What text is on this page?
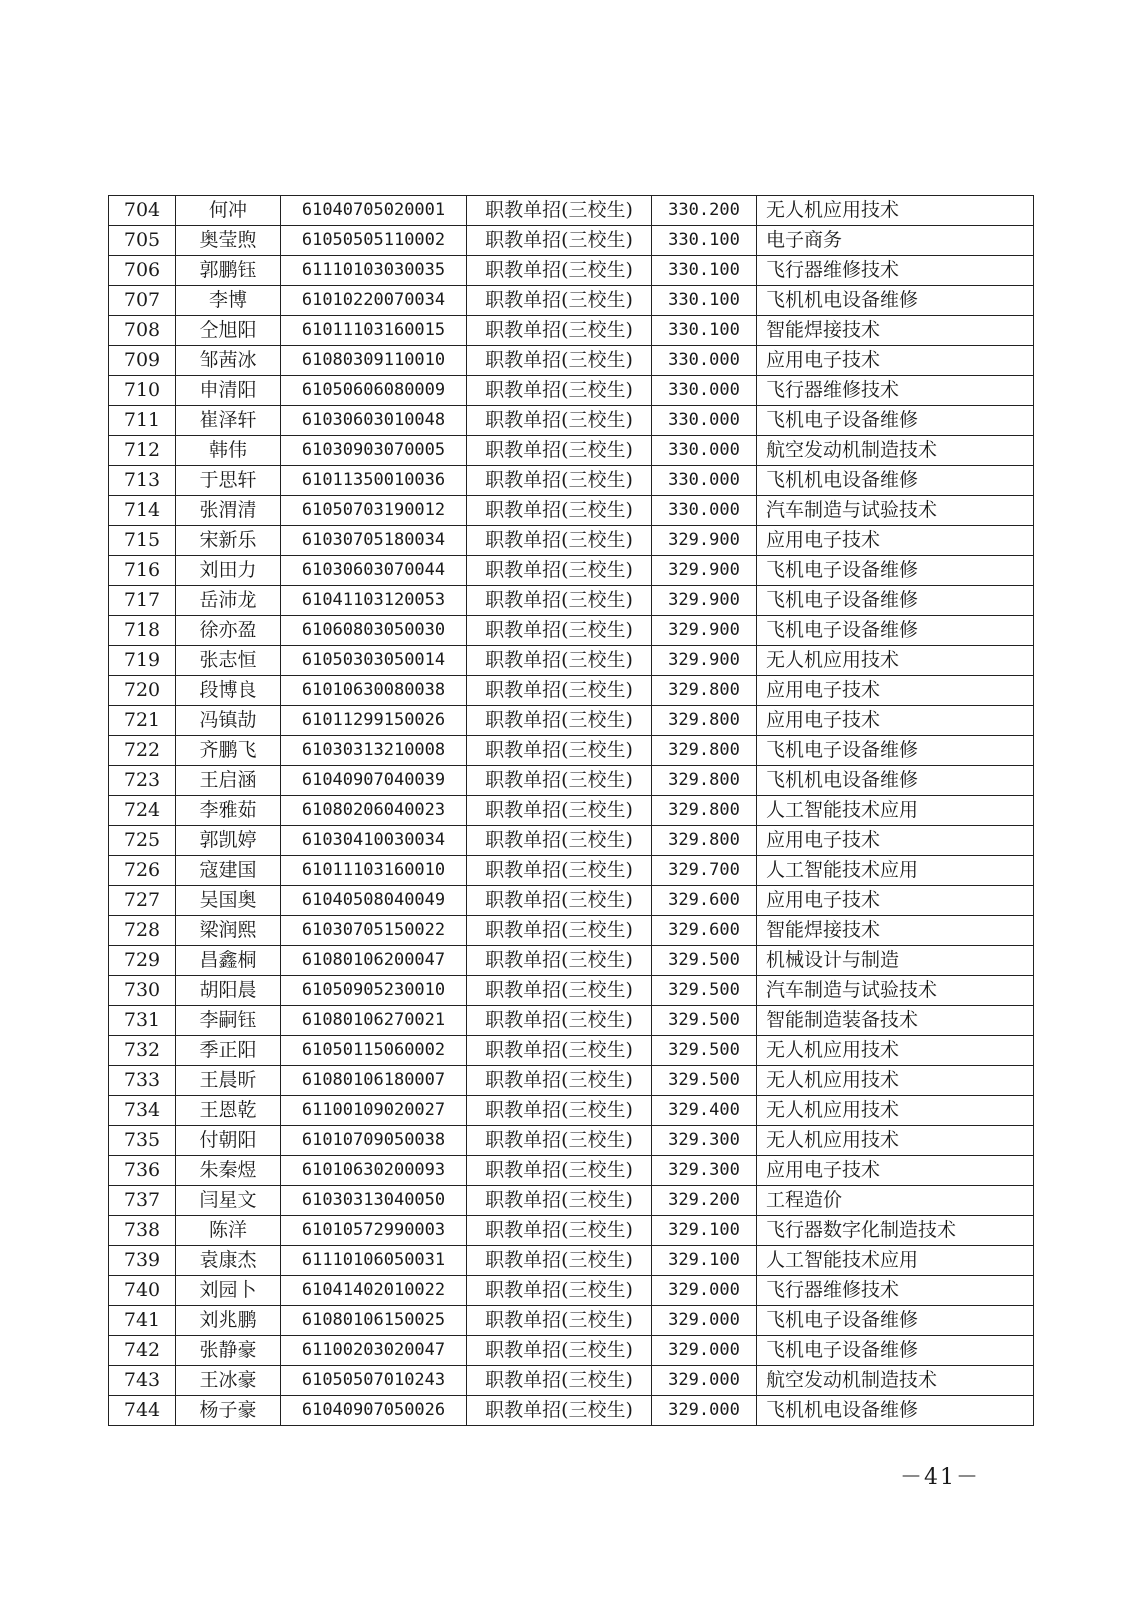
704	何冲	61040705020001	职教单招(三校生)	330.200	无人机应用技术
705	奥莹煦	61050505110002	职教单招(三校生)	330.100	电子商务
706	郭鹏钰	61110103030035	职教单招(三校生)	330.100	飞行器维修技术
707	李博	61010220070034	职教单招(三校生)	330.100	飞机机电设备维修
708	仝旭阳	61011103160015	职教单招(三校生)	330.100	智能焊接技术
709	邹茜冰	61080309110010	职教单招(三校生)	330.000	应用电子技术
710	申清阳	61050606080009	职教单招(三校生)	330.000	飞行器维修技术
711	崔泽轩	61030603010048	职教单招(三校生)	330.000	飞机电子设备维修
712	韩伟	61030903070005	职教单招(三校生)	330.000	航空发动机制造技术
713	于思轩	61011350010036	职教单招(三校生)	330.000	飞机机电设备维修
714	张渭清	61050703190012	职教单招(三校生)	330.000	汽车制造与试验技术
715	宋新乐	61030705180034	职教单招(三校生)	329.900	应用电子技术
716	刘田力	61030603070044	职教单招(三校生)	329.900	飞机电子设备维修
717	岳沛龙	61041103120053	职教单招(三校生)	329.900	飞机电子设备维修
718	徐亦盈	61060803050030	职教单招(三校生)	329.900	飞机电子设备维修
719	张志恒	61050303050014	职教单招(三校生)	329.900	无人机应用技术
720	段博良	61010630080038	职教单招(三校生)	329.800	应用电子技术
721	冯镇劼	61011299150026	职教单招(三校生)	329.800	应用电子技术
722	齐鹏飞	61030313210008	职教单招(三校生)	329.800	飞机电子设备维修
723	王启涵	61040907040039	职教单招(三校生)	329.800	飞机机电设备维修
724	李雅茹	61080206040023	职教单招(三校生)	329.800	人工智能技术应用
725	郭凯婷	61030410030034	职教单招(三校生)	329.800	应用电子技术
726	寇建国	61011103160010	职教单招(三校生)	329.700	人工智能技术应用
727	吴国奥	61040508040049	职教单招(三校生)	329.600	应用电子技术
728	梁润熙	61030705150022	职教单招(三校生)	329.600	智能焊接技术
729	昌鑫桐	61080106200047	职教单招(三校生)	329.500	机械设计与制造
730	胡阳晨	61050905230010	职教单招(三校生)	329.500	汽车制造与试验技术
731	李嗣钰	61080106270021	职教单招(三校生)	329.500	智能制造装备技术
732	季正阳	61050115060002	职教单招(三校生)	329.500	无人机应用技术
733	王晨昕	61080106180007	职教单招(三校生)	329.500	无人机应用技术
734	王恩乾	61100109020027	职教单招(三校生)	329.400	无人机应用技术
735	付朝阳	61010709050038	职教单招(三校生)	329.300	无人机应用技术
736	朱秦煜	61010630200093	职教单招(三校生)	329.300	应用电子技术
737	闫星文	61030313040050	职教单招(三校生)	329.200	工程造价
738	陈洋	61010572990003	职教单招(三校生)	329.100	飞行器数字化制造技术
739	袁康杰	61110106050031	职教单招(三校生)	329.100	人工智能技术应用
740	刘园卜	61041402010022	职教单招(三校生)	329.000	飞行器维修技术
741	刘兆鹏	61080106150025	职教单招(三校生)	329.000	飞机电子设备维修
742	张静豪	61100203020047	职教单招(三校生)	329.000	飞机电子设备维修
743	王冰豪	61050507010243	职教单招(三校生)	329.000	航空发动机制造技术
744	杨子豪	61040907050026	职教单招(三校生)	329.000	飞机机电设备维修
－41－
